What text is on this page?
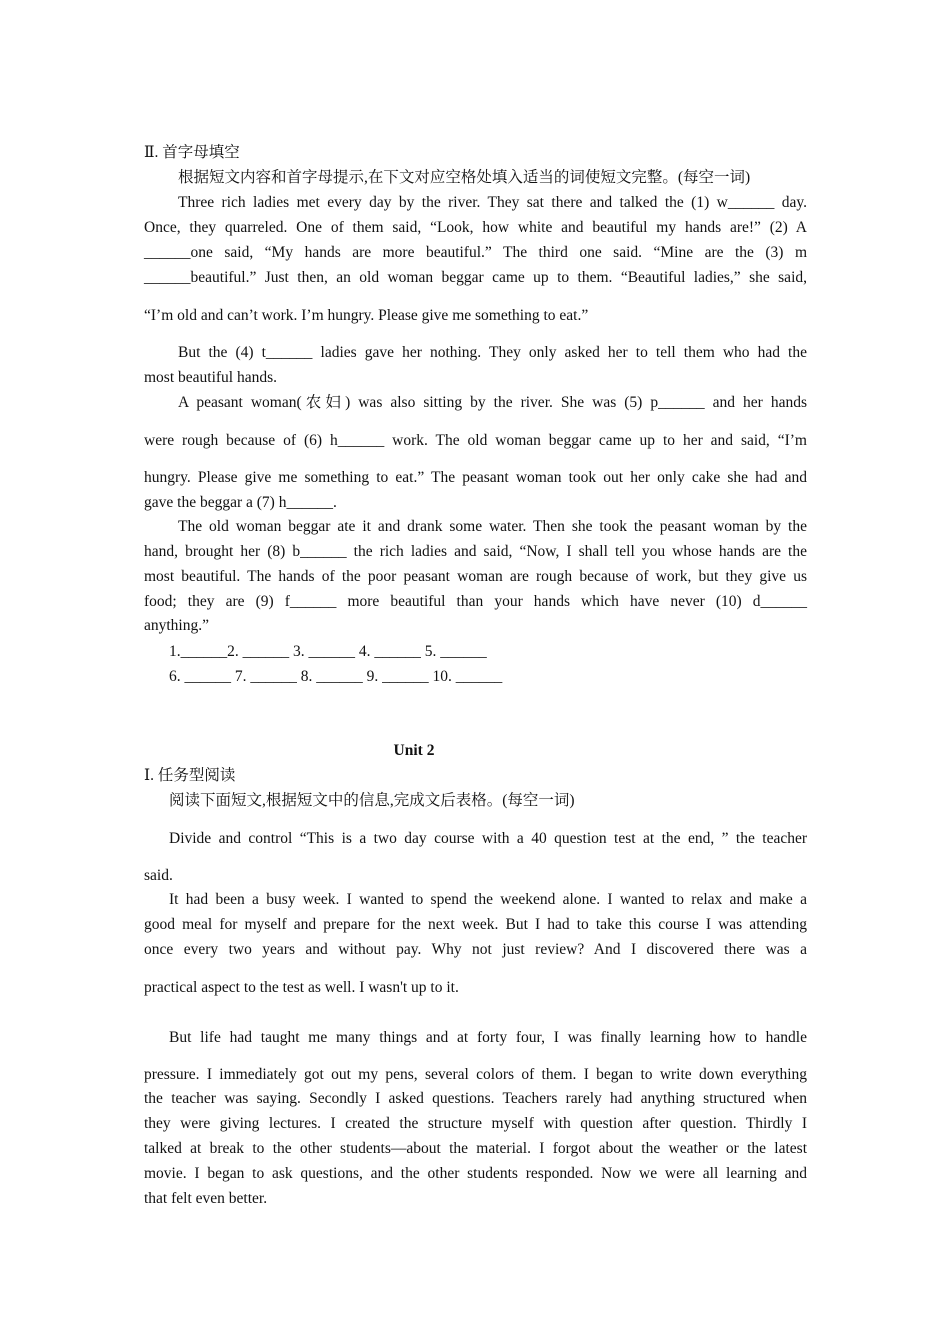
Ⅱ. 首字母填空
根据短文内容和首字母提示,在下文对应空格处填入适当的词使短文完整。(每空一词)
Three rich ladies met every day by the river. They sat there and talked the (1) w______ day.
Once, they quarreled. One of them said, “Look, how white and beautiful my hands are!” (2) A
______one said, “My hands are more beautiful.” The third one said. “Mine are the (3) m
______beautiful.” Just then, an old woman beggar came up to them. “Beautiful ladies,” she said,
“I’m old and can’t work. I’m hungry. Please give me something to eat.”
But the (4) t______ ladies gave her nothing. They only asked her to tell them who had the
most beautiful hands.
A peasant woman(农妇) was also sitting by the river. She was (5) p______ and her hands
were rough because of (6) h______ work. The old woman beggar came up to her and said, “I’m
hungry. Please give me something to eat.” The peasant woman took out her only cake she had and
gave the beggar a (7) h______.
The old woman beggar ate it and drank some water. Then she took the peasant woman by the
hand, brought her (8) b______ the rich ladies and said, “Now, I shall tell you whose hands are the
most beautiful. The hands of the poor peasant woman are rough because of work, but they give us
food; they are (9) f______ more beautiful than your hands which have never (10) d______
anything.”
1.______2. ______ 3. ______ 4. ______ 5. ______
6. ______ 7. ______ 8. ______ 9. ______ 10. ______
Unit 2
Ⅰ. 任务型阅读
阅读下面短文,根据短文中的信息,完成文后表格。(每空一词)
Divide and control “This is a two day course with a 40 question test at the end, ” the teacher
said.
It had been a busy week. I wanted to spend the weekend alone. I wanted to relax and make a
good meal for myself and prepare for the next week. But I had to take this course I was attending
once every two years and without pay. Why not just review? And I discovered there was a
practical aspect to the test as well. I wasn't up to it.
But life had taught me many things and at forty four, I was finally learning how to handle
pressure. I immediately got out my pens, several colors of them. I began to write down everything
the teacher was saying. Secondly I asked questions. Teachers rarely had anything structured when
they were giving lectures. I created the structure myself with question after question. Thirdly I
talked at break to the other students—about the material. I forgot about the weather or the latest
movie. I began to ask questions, and the other students responded. Now we were all learning and
that felt even better.
